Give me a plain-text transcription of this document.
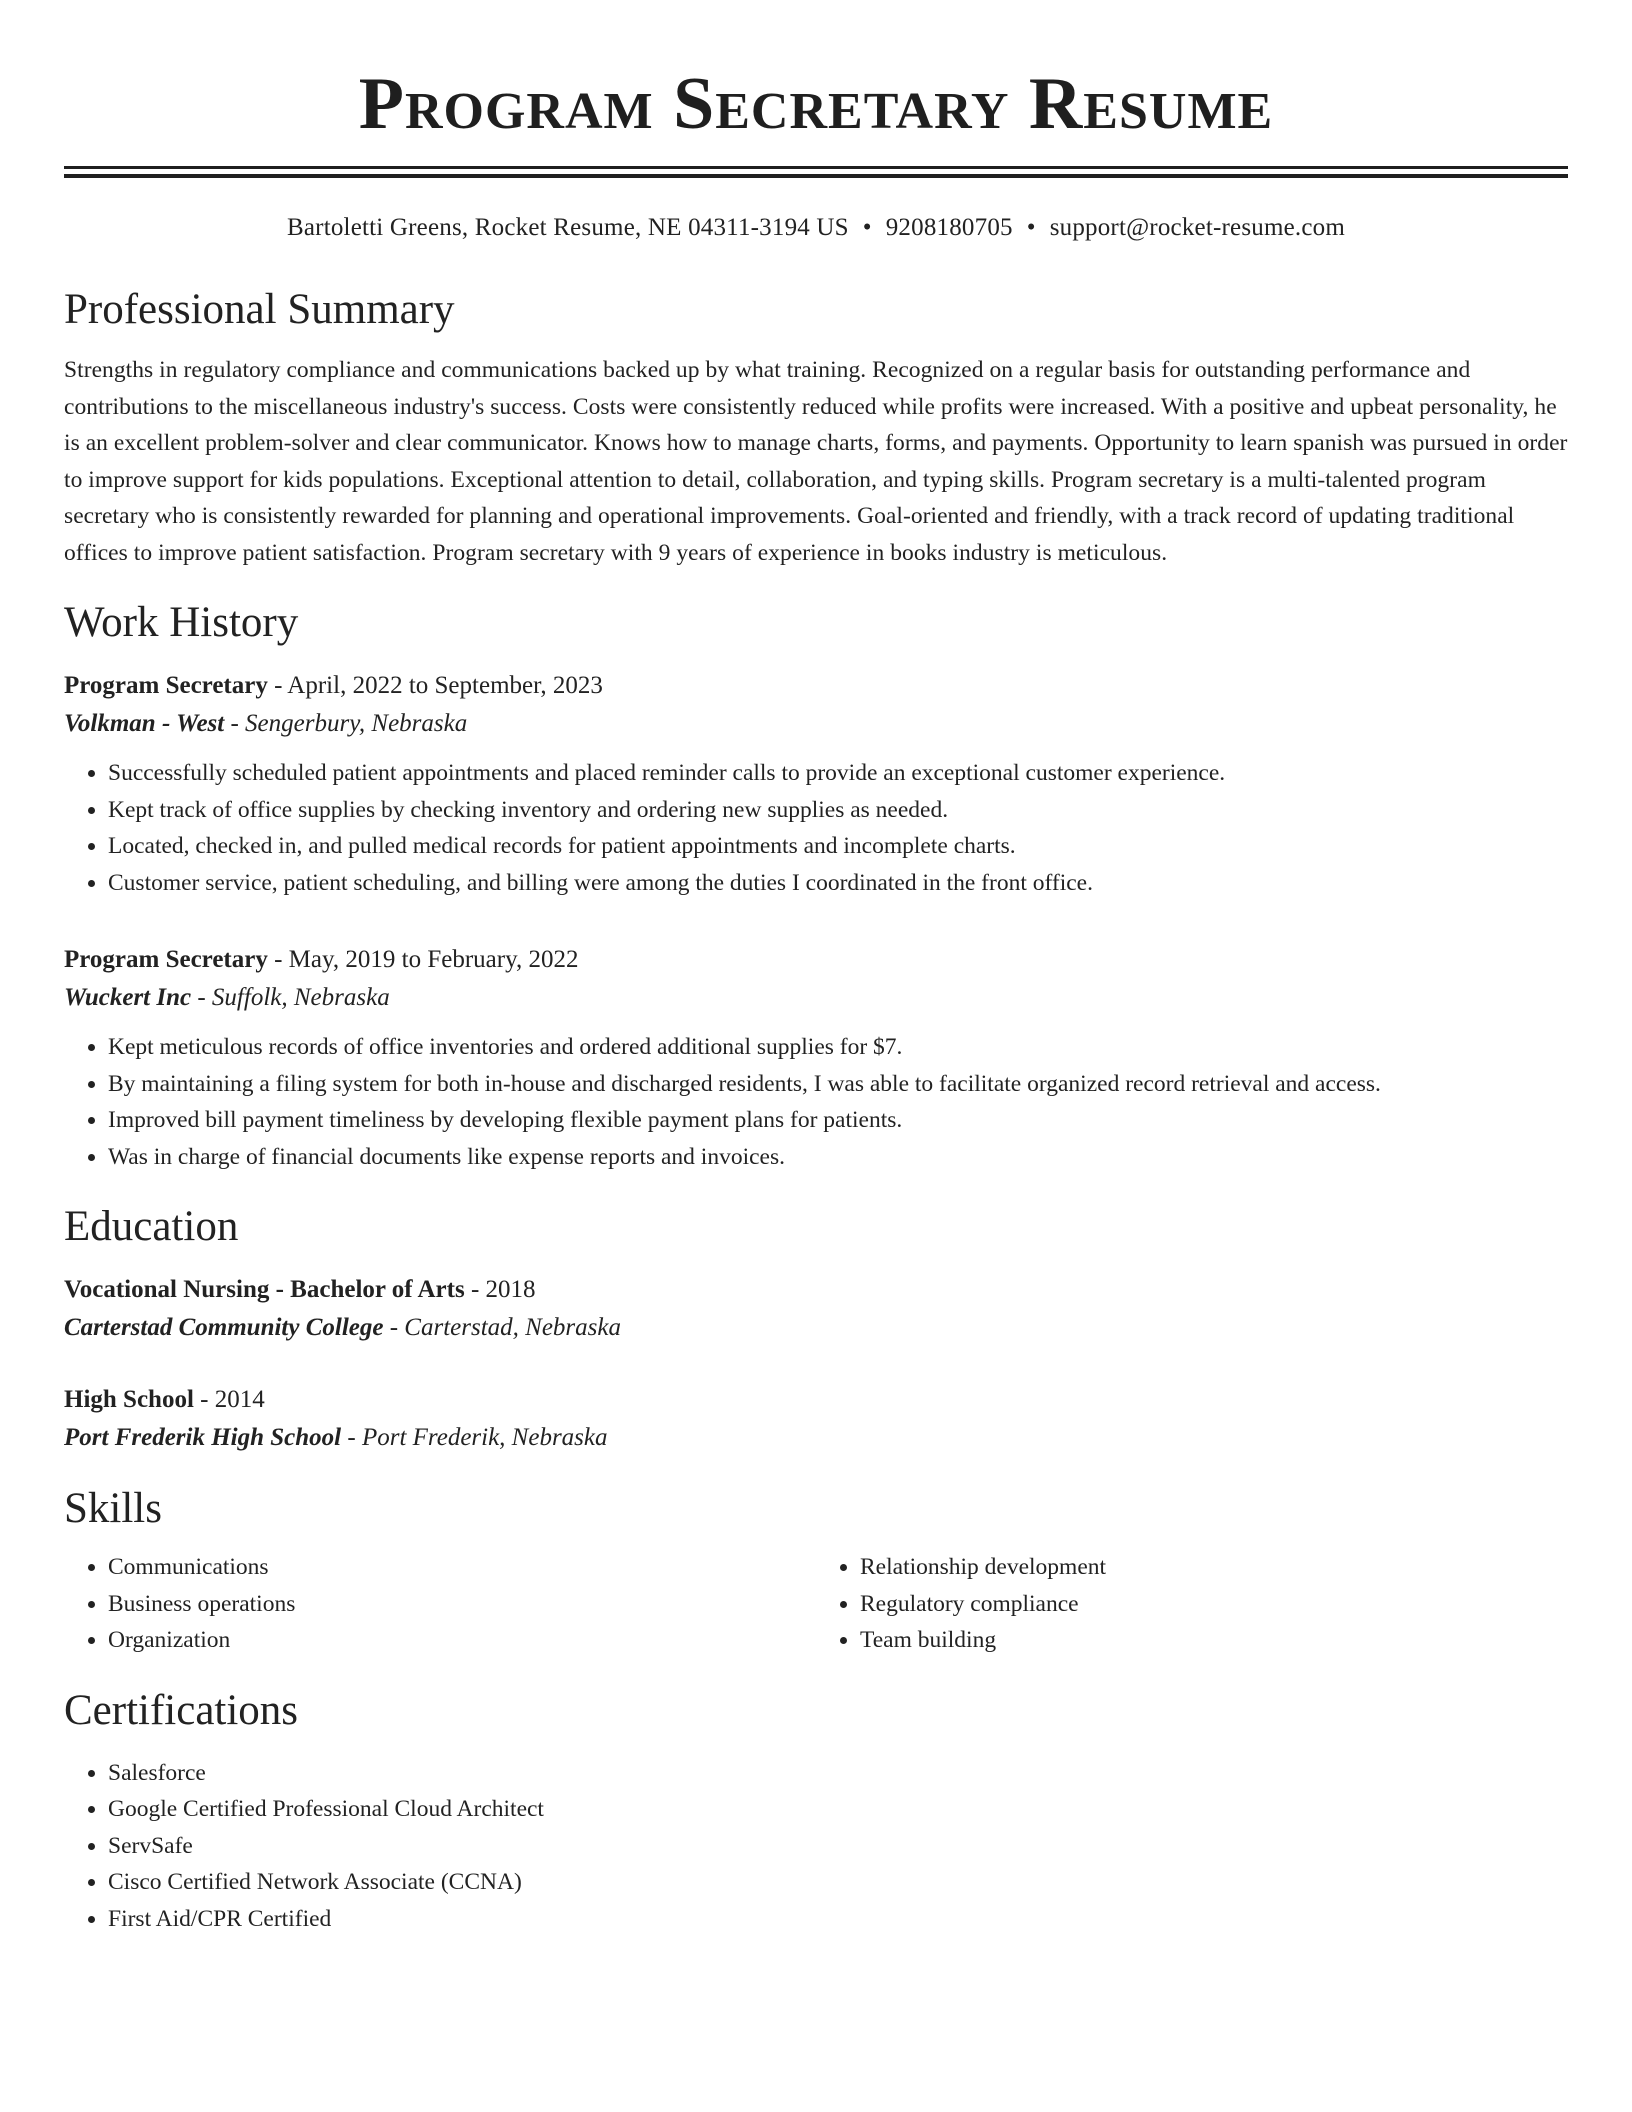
Program Secretary Resume
Bartoletti Greens, Rocket Resume, NE 04311-3194 US • 9208180705 • support@rocket-resume.com
Professional Summary

Strengths in regulatory compliance and communications backed up by what training. Recognized on a regular basis for outstanding performance and contributions to the miscellaneous industry's success. Costs were consistently reduced while profits were increased. With a positive and upbeat personality, he is an excellent problem-solver and clear communicator. Knows how to manage charts, forms, and payments. Opportunity to learn spanish was pursued in order to improve support for kids populations. Exceptional attention to detail, collaboration, and typing skills. Program secretary is a multi-talented program secretary who is consistently rewarded for planning and operational improvements. Goal-oriented and friendly, with a track record of updating traditional offices to improve patient satisfaction. Program secretary with 9 years of experience in books industry is meticulous.

Work History
Program Secretary - April, 2022 to September, 2023
Volkman - West - Sengerbury, Nebraska
• Successfully scheduled patient appointments and placed reminder calls to provide an exceptional customer experience.
• Kept track of office supplies by checking inventory and ordering new supplies as needed.
• Located, checked in, and pulled medical records for patient appointments and incomplete charts.
• Customer service, patient scheduling, and billing were among the duties I coordinated in the front office.
Program Secretary - May, 2019 to February, 2022
Wuckert Inc - Suffolk, Nebraska
• Kept meticulous records of office inventories and ordered additional supplies for $7.
• By maintaining a filing system for both in-house and discharged residents, I was able to facilitate organized record retrieval and access.
• Improved bill payment timeliness by developing flexible payment plans for patients.
• Was in charge of financial documents like expense reports and invoices.
Education
Vocational Nursing - Bachelor of Arts - 2018
Carterstad Community College - Carterstad, Nebraska
High School - 2014
Port Frederik High School - Port Frederik, Nebraska
Skills
• Communications
• Business operations
• Organization
• Relationship development
• Regulatory compliance
• Team building
Certifications
• Salesforce
• Google Certified Professional Cloud Architect
• ServSafe
• Cisco Certified Network Associate (CCNA)
• First Aid/CPR Certified
